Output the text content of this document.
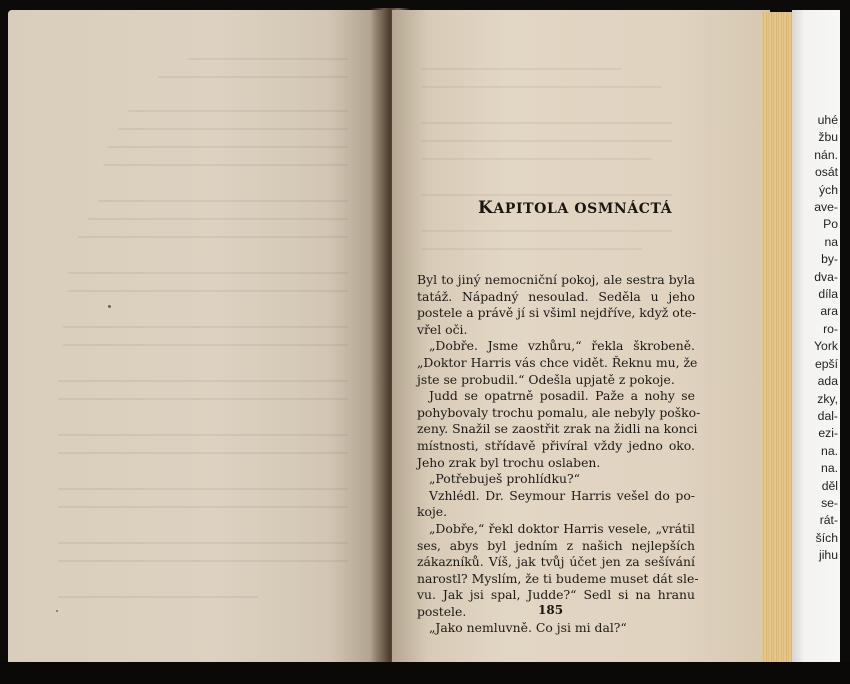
uhé
žbu
nán.
osát
ých
ave-
Po
na
by-
dva-
díla
ara
ro-
York
epší
ada
zky,
dal-
ezi-
na.
na.
děl
se-
rát-
ších
jihu
KAPITOLA OSMNÁCTÁ
Byl to jiný nemocniční pokoj, ale sestra byla
tatáž. Nápadný nesoulad. Seděla u jeho
postele a právě jí si všiml nejdříve, když ote-
vřel oči.
„Dobře. Jsme vzhůru,“ řekla škrobeně.
„Doktor Harris vás chce vidět. Řeknu mu, že
jste se probudil.“ Odešla upjatě z pokoje.
Judd se opatrně posadil. Paže a nohy se
pohybovaly trochu pomalu, ale nebyly poško-
zeny. Snažil se zaostřit zrak na židli na konci
místnosti, střídavě přivíral vždy jedno oko.
Jeho zrak byl trochu oslaben.
„Potřebuješ prohlídku?“
Vzhlédl. Dr. Seymour Harris vešel do po-
koje.
„Dobře,“ řekl doktor Harris vesele, „vrátil
ses, abys byl jedním z našich nejlepších
zákazníků. Víš, jak tvůj účet jen za sešívání
narostl? Myslím, že ti budeme muset dát sle-
vu. Jak jsi spal, Judde?“ Sedl si na hranu
postele.
„Jako nemluvně. Co jsi mi dal?“
185
